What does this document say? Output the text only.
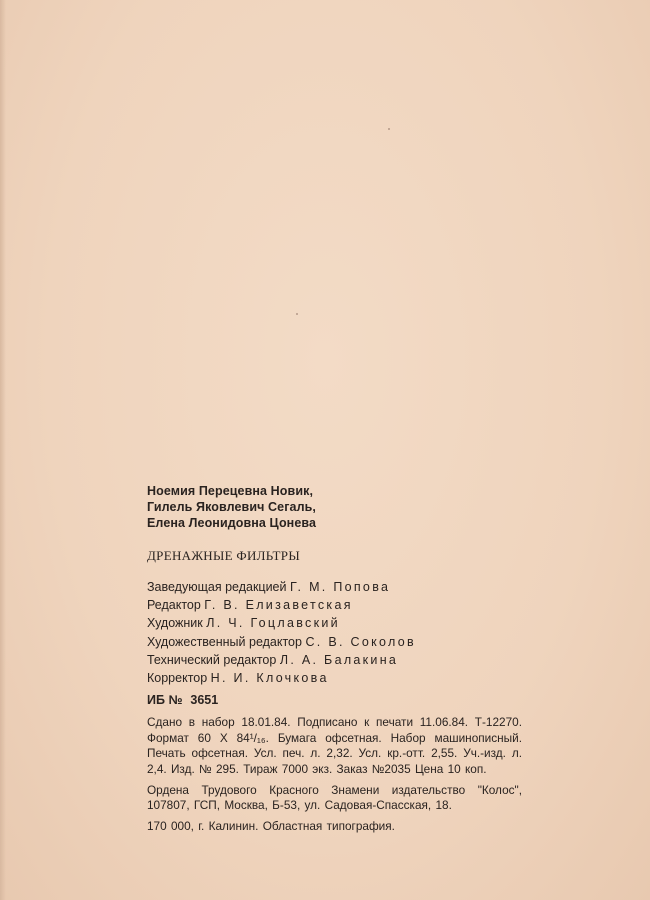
Ноемия Перецевна Новик,
Гилель Яковлевич Сегаль,
Елена Леонидовна Цонева
ДРЕНАЖНЫЕ ФИЛЬТРЫ
Заведующая редакцией Г. М. Попова
Редактор Г. В. Елизаветская
Художник Л. Ч. Гоцлавский
Художественный редактор С. В. Соколов
Технический редактор Л. А. Балакина
Корректор Н. И. Клочкова
ИБ № 3651
Сдано в набор 18.01.84. Подписано к печати 11.06.84. Т-12270. Формат 60 X 84¹/₁₆. Бумага офсетная. Набор машинописный. Печать офсетная. Усл. печ. л. 2,32. Усл. кр.-отт. 2,55. Уч.-изд. л. 2,4. Изд. № 295. Тираж 7000 экз. Заказ №2035 Цена 10 коп.
Ордена Трудового Красного Знамени издательство "Колос", 107807, ГСП, Москва, Б-53, ул. Садовая-Спасская, 18.
170 000, г. Калинин. Областная типография.
